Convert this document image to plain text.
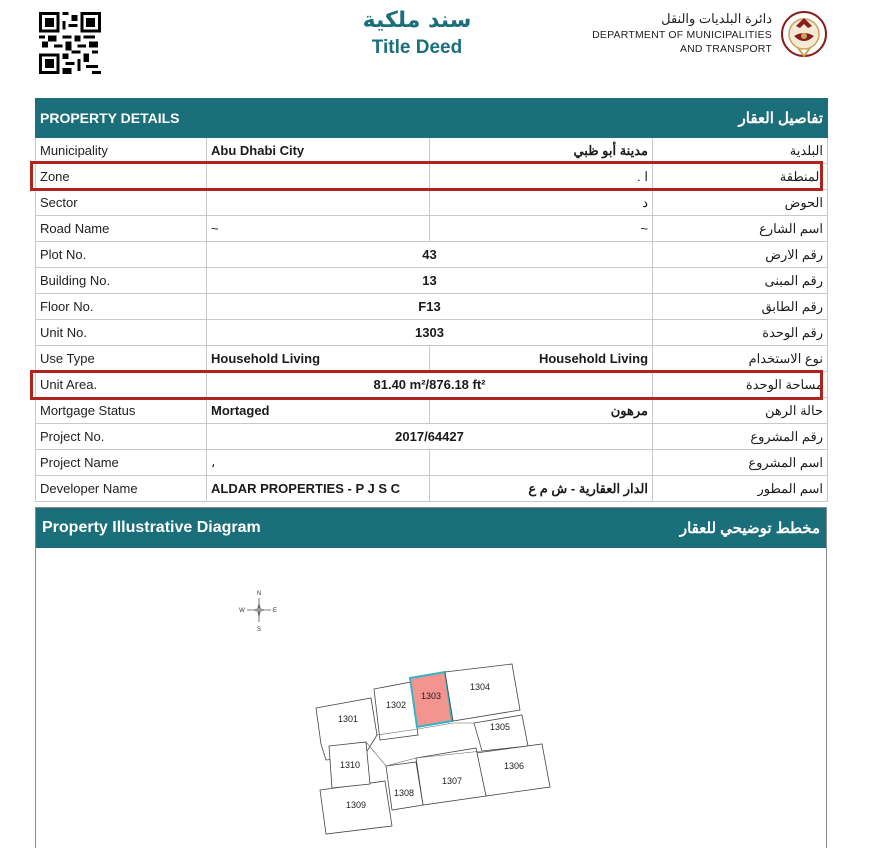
سند ملكية
Title Deed
دائرة البلديات والنقل
DEPARTMENT OF MUNICIPALITIES
AND TRANSPORT
PROPERTY DETAILS		تفاصيل العقار	
Municipality	Abu Dhabi City	مدينة أبو ظبي	البلدية
Zone		ا .	المنطقة
Sector		د	الحوض
Road Name	~	~	اسم الشارع
Plot No.	43		رقم الارض
Building No.	13		رقم المبنى
Floor No.	F13		رقم الطابق
Unit No.	1303		رقم الوحدة
Use Type	Household Living	Household Living	نوع الاستخدام
Unit Area.	81.40 m²/876.18 ft²		مساحة الوحدة
Mortgage Status	Mortaged	مرهون	حالة الرهن
Project No.	2017/64427		رقم المشروع
Project Name	،		اسم المشروع
Developer Name	ALDAR PROPERTIES - P J S C	الدار العقارية - ش م ع	اسم المطور
Property Illustrative Diagram	مخطط توضيحي للعقار
N
S
E
W
1301
1302
1303
1304
1305
1306
1307
1308
1309
1310
